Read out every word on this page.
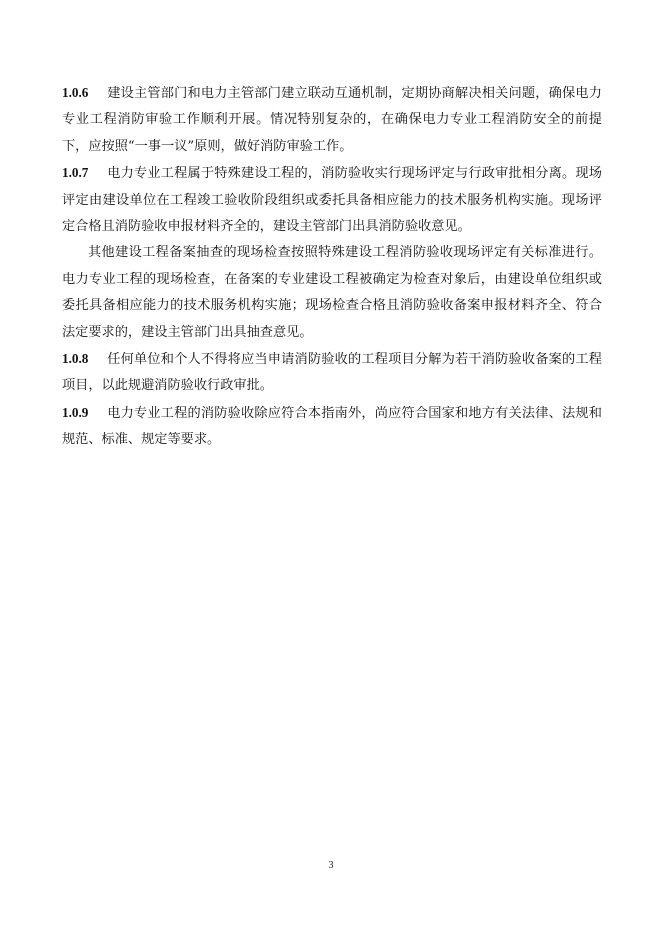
1.0.6 建设主管部门和电力主管部门建立联动互通机制，定期协商解决相关问题，确保电力专业工程消防审验工作顺利开展。情况特别复杂的，在确保电力专业工程消防安全的前提下，应按照“一事一议”原则，做好消防审验工作。

1.0.7 电力专业工程属于特殊建设工程的，消防验收实行现场评定与行政审批相分离。现场评定由建设单位在工程竣工验收阶段组织或委托具备相应能力的技术服务机构实施。现场评定合格且消防验收申报材料齐全的，建设主管部门出具消防验收意见。

其他建设工程备案抽查的现场检查按照特殊建设工程消防验收现场评定有关标准进行。电力专业工程的现场检查，在备案的专业建设工程被确定为检查对象后，由建设单位组织或委托具备相应能力的技术服务机构实施；现场检查合格且消防验收备案申报材料齐全、符合法定要求的，建设主管部门出具抽查意见。

1.0.8 任何单位和个人不得将应当申请消防验收的工程项目分解为若干消防验收备案的工程项目，以此规避消防验收行政审批。

1.0.9 电力专业工程的消防验收除应符合本指南外，尚应符合国家和地方有关法律、法规和规范、标准、规定等要求。

3
